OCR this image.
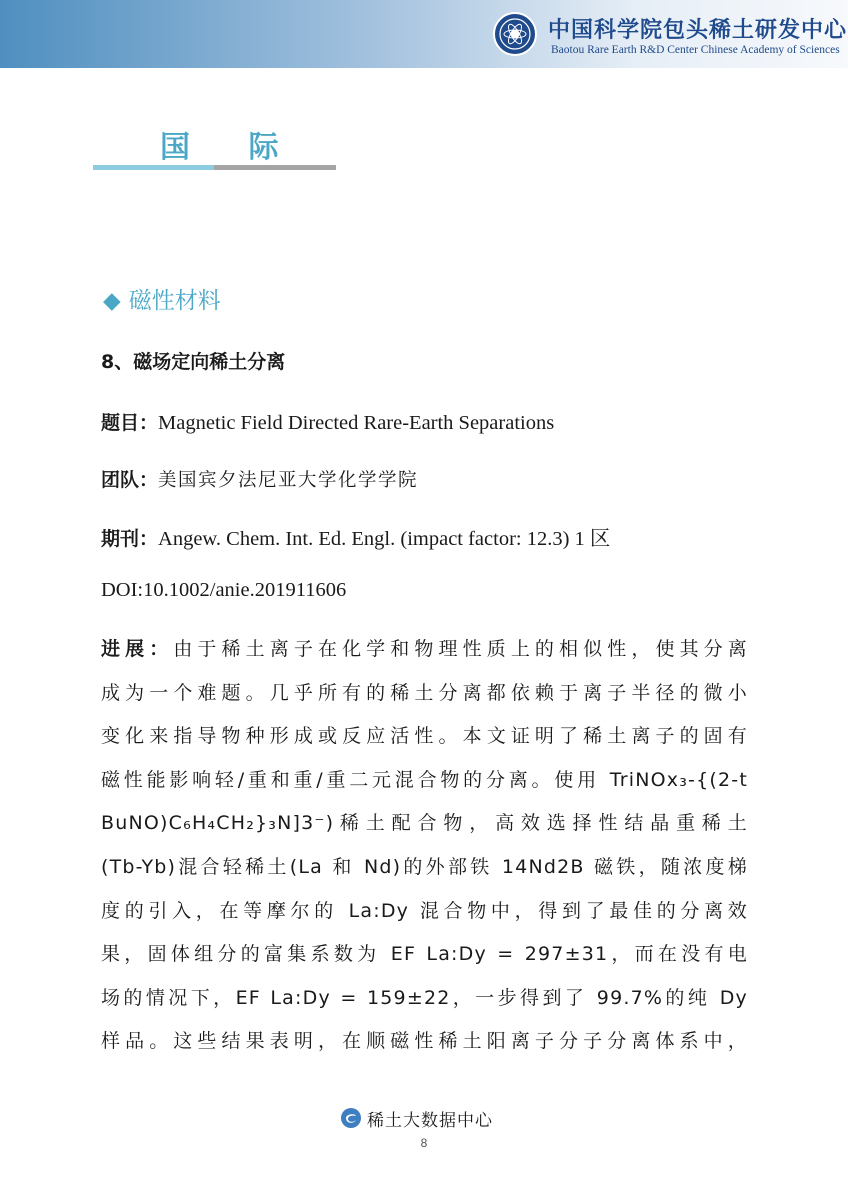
中国科学院包头稀土研发中心
Baotou Rare Earth R&D Center Chinese Academy of Sciences
国 际
◆ 磁性材料
8、磁场定向稀土分离
题目：Magnetic Field Directed Rare-Earth Separations
团队：美国宾夕法尼亚大学化学学院
期刊：Angew. Chem. Int. Ed. Engl. (impact factor: 12.3) 1 区
DOI:10.1002/anie.201911606
进展：由于稀土离子在化学和物理性质上的相似性，使其分离
成为一个难题。几乎所有的稀土分离都依赖于离子半径的微小
变化来指导物种形成或反应活性。本文证明了稀土离子的固有
磁性能影响轻/重和重/重二元混合物的分离。使用 TriNOx₃-{(2-t
BuNO)C₆H₄CH₂}₃N]3⁻)稀土配合物，高效选择性结晶重稀土
(Tb-Yb)混合轻稀土(La 和 Nd)的外部铁 14Nd2B 磁铁，随浓度梯
度的引入，在等摩尔的 La:Dy 混合物中，得到了最佳的分离效
果，固体组分的富集系数为 EF La:Dy = 297±31，而在没有电
场的情况下，EF La:Dy = 159±22，一步得到了 99.7%的纯 Dy
样品。这些结果表明，在顺磁性稀土阳离子分子分离体系中，
稀土大数据中心
8
